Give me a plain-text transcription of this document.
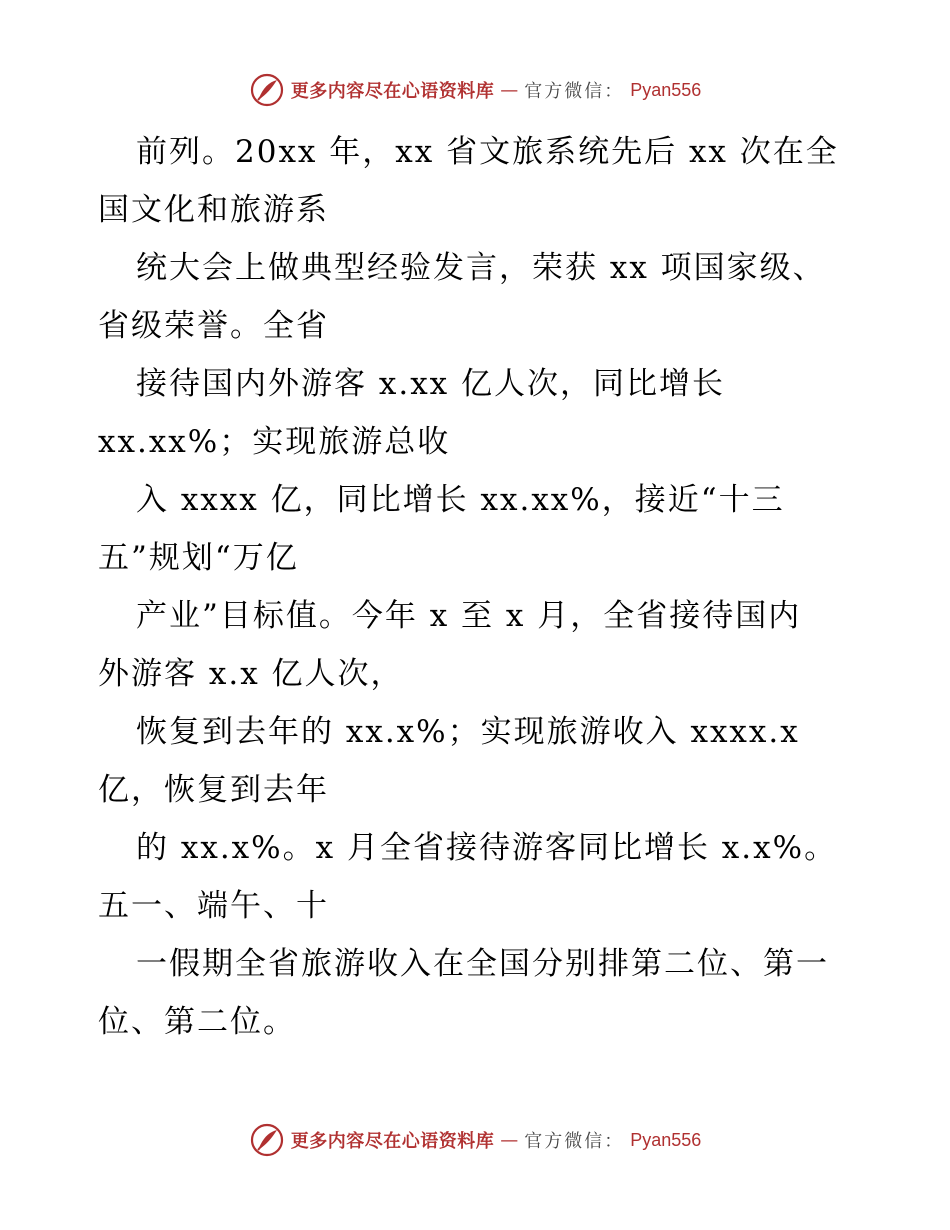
更多内容尽在心语资料库 — 官方微信： Pyan556
前列。20xx 年，xx 省文旅系统先后 xx 次在全
国文化和旅游系
统大会上做典型经验发言，荣获 xx 项国家级、
省级荣誉。全省
接待国内外游客 x.xx 亿人次，同比增长
xx.xx%；实现旅游总收
入 xxxx 亿，同比增长 xx.xx%，接近“十三
五”规划“万亿
产业”目标值。今年 x 至 x 月，全省接待国内
外游客 x.x 亿人次，
恢复到去年的 xx.x%；实现旅游收入 xxxx.x
亿，恢复到去年
的 xx.x%。x 月全省接待游客同比增长 x.x%。
五一、端午、十
一假期全省旅游收入在全国分别排第二位、第一
位、第二位。
更多内容尽在心语资料库 — 官方微信： Pyan556
